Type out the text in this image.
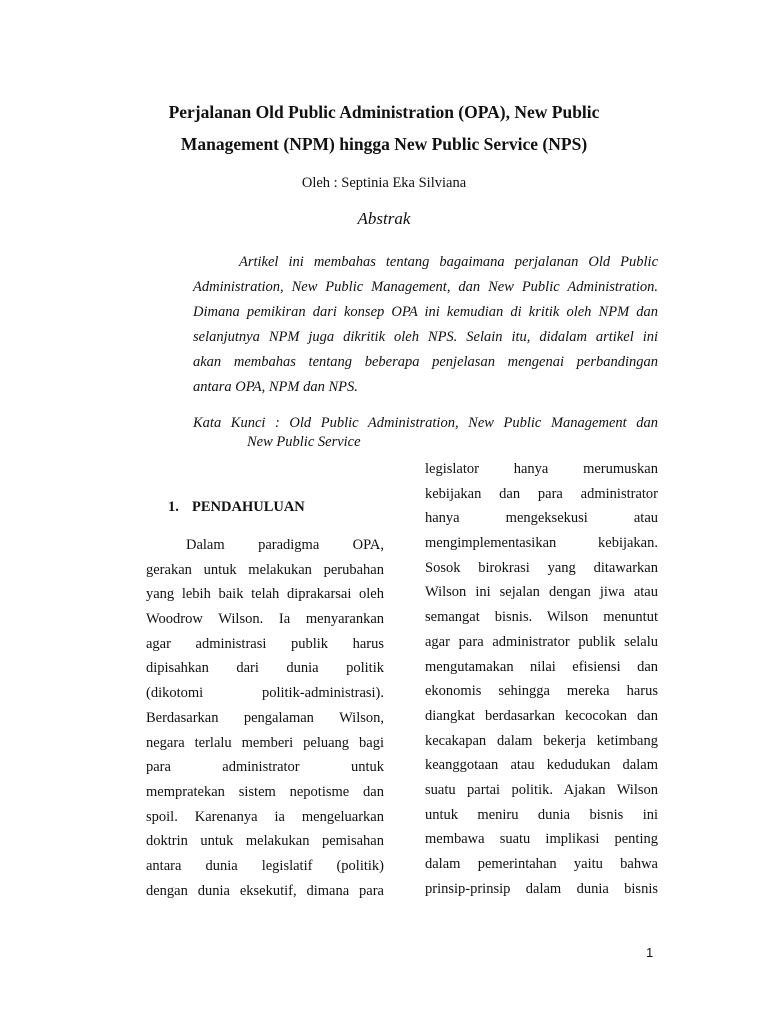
Perjalanan Old Public Administration (OPA), New Public
Management (NPM) hingga New Public Service (NPS)
Oleh : Septinia Eka Silviana
Abstrak
Artikel ini membahas tentang bagaimana perjalanan Old Public
Administration, New Public Management, dan New Public Administration.
Dimana pemikiran dari konsep OPA ini kemudian di kritik oleh NPM dan
selanjutnya NPM juga dikritik oleh NPS. Selain itu, didalam artikel ini
akan membahas tentang beberapa penjelasan mengenai perbandingan
antara OPA, NPM dan NPS.
Kata Kunci : Old Public Administration, New Public Management dan
New Public Service
1. PENDAHULUAN
Dalam paradigma OPA,
gerakan untuk melakukan perubahan
yang lebih baik telah diprakarsai oleh
Woodrow Wilson. Ia menyarankan
agar administrasi publik harus
dipisahkan dari dunia politik
(dikotomi politik-administrasi).
Berdasarkan pengalaman Wilson,
negara terlalu memberi peluang bagi
para administrator untuk
mempratekan sistem nepotisme dan
spoil. Karenanya ia mengeluarkan
doktrin untuk melakukan pemisahan
antara dunia legislatif (politik)
dengan dunia eksekutif, dimana para
legislator hanya merumuskan
kebijakan dan para administrator
hanya mengeksekusi atau
mengimplementasikan kebijakan.
Sosok birokrasi yang ditawarkan
Wilson ini sejalan dengan jiwa atau
semangat bisnis. Wilson menuntut
agar para administrator publik selalu
mengutamakan nilai efisiensi dan
ekonomis sehingga mereka harus
diangkat berdasarkan kecocokan dan
kecakapan dalam bekerja ketimbang
keanggotaan atau kedudukan dalam
suatu partai politik. Ajakan Wilson
untuk meniru dunia bisnis ini
membawa suatu implikasi penting
dalam pemerintahan yaitu bahwa
prinsip-prinsip dalam dunia bisnis
1
